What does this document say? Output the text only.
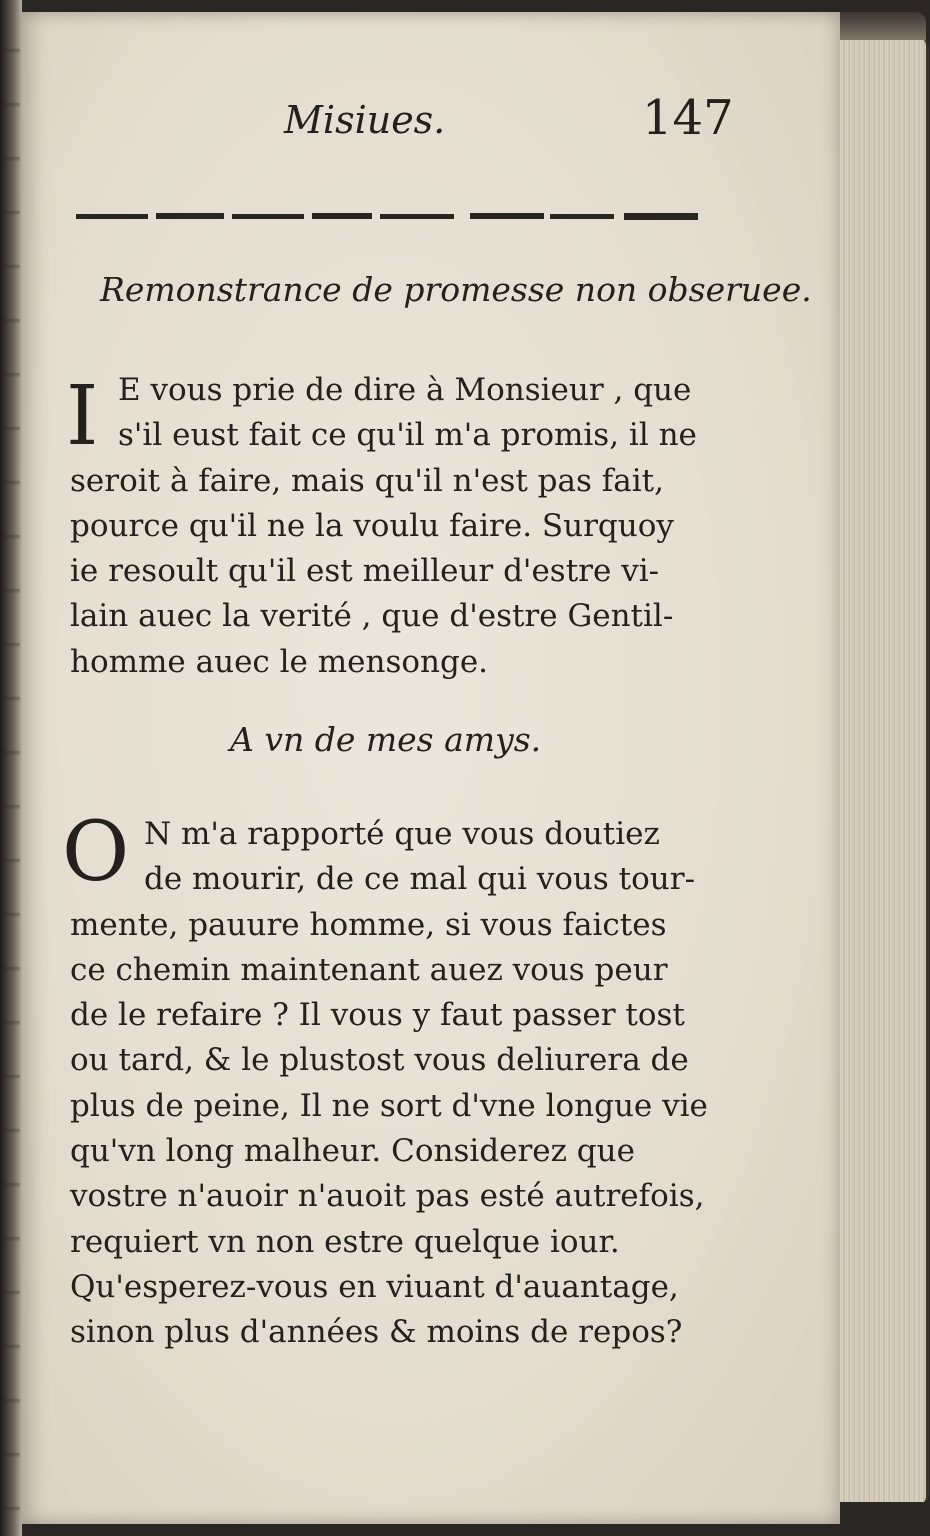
Misiues.	147
Remonstrance de promesse non obseruee.
I E vous prie de dire à Monsieur , que
s'il eust fait ce qu'il m'a promis, il ne
seroit à faire, mais qu'il n'est pas fait,
pource qu'il ne la voulu faire. Surquoy
ie resoult qu'il est meilleur d'estre vi-
lain auec la verité , que d'estre Gentil-
homme auec le mensonge.
A vn de mes amys.
O N m'a rapporté que vous doutiez
de mourir, de ce mal qui vous tour-
mente, pauure homme, si vous faictes
ce chemin maintenant auez vous peur
de le refaire ? Il vous y faut passer tost
ou tard, & le plustost vous deliurera de
plus de peine, Il ne sort d'vne longue vie
qu'vn long malheur. Considerez que
vostre n'auoir n'auoit pas esté autrefois,
requiert vn non estre quelque iour.
Qu'esperez-vous en viuant d'auantage,
sinon plus d'années & moins de repos?
